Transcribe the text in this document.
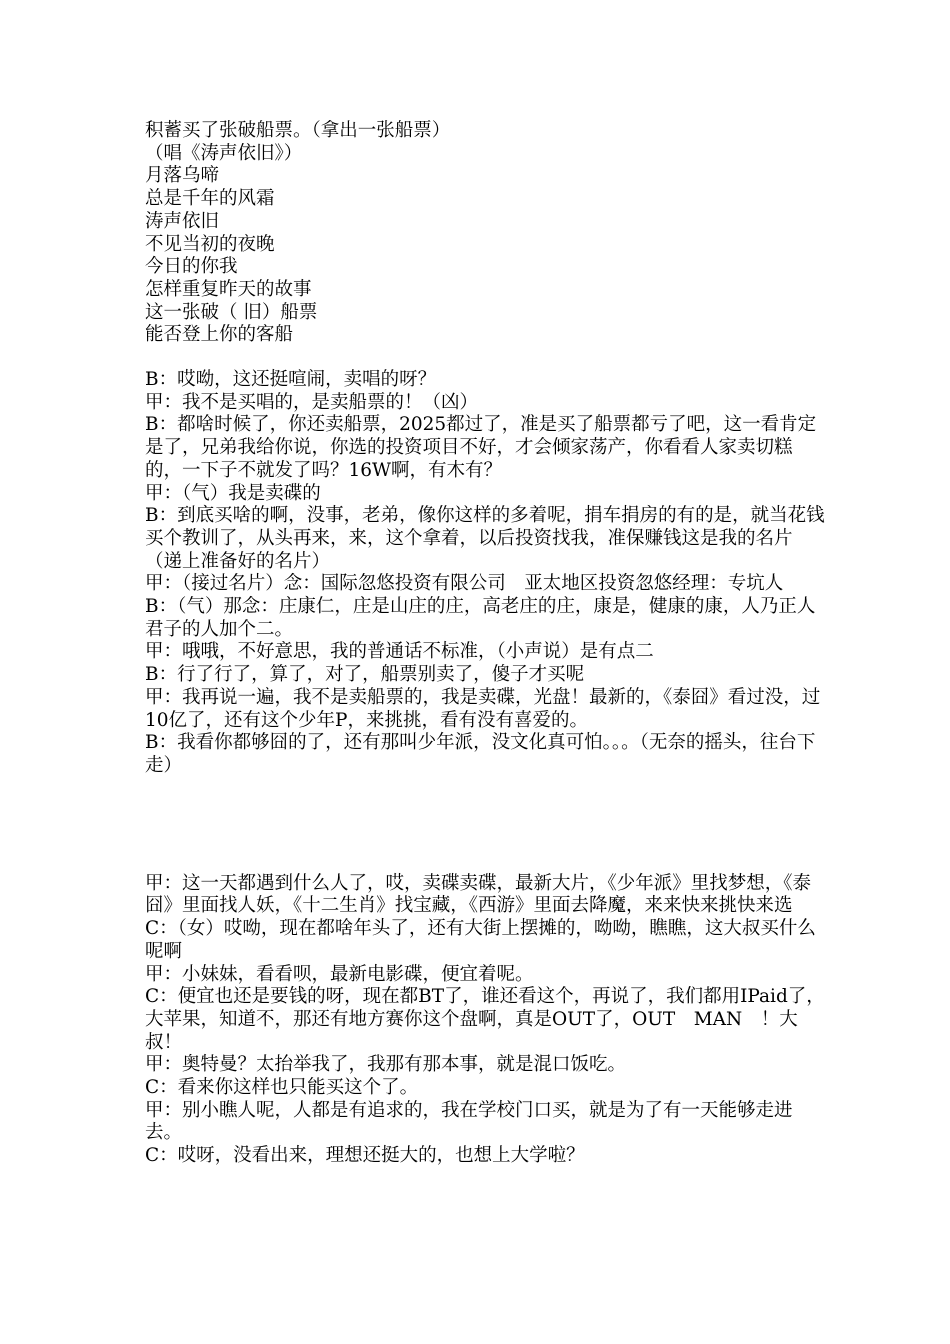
积蓄买了张破船票。（拿出一张船票）

（唱《涛声依旧》）

月落乌啼

总是千年的风霜

涛声依旧

不见当初的夜晚

今日的你我

怎样重复昨天的故事

这一张破（ 旧）船票

能否登上你的客船

B：哎呦，这还挺喧闹，卖唱的呀？

甲：我不是买唱的，是卖船票的！（凶）

B：都啥时候了，你还卖船票，2025都过了，准是买了船票都亏了吧，这一看肯定是了，兄弟我给你说，你选的投资项目不好，才会倾家荡产，你看看人家卖切糕的，一下子不就发了吗？16W啊，有木有？

甲：（气）我是卖碟的

B：到底买啥的啊，没事，老弟，像你这样的多着呢，捐车捐房的有的是，就当花钱买个教训了，从头再来，来，这个拿着，以后投资找我，准保赚钱这是我的名片（递上准备好的名片）

甲：（接过名片）念：国际忽悠投资有限公司　亚太地区投资忽悠经理：专坑人

B：（气）那念：庄康仁，庄是山庄的庄，高老庄的庄，康是，健康的康，人乃正人君子的人加个二。

甲：哦哦，不好意思，我的普通话不标准，（小声说）是有点二

B：行了行了，算了，对了，船票别卖了，傻子才买呢

甲：我再说一遍，我不是卖船票的，我是卖碟，光盘！最新的，《泰囧》看过没，过10亿了，还有这个少年P，来挑挑，看有没有喜爱的。

B：我看你都够囧的了，还有那叫少年派，没文化真可怕。。。（无奈的摇头，往台下走）

甲：这一天都遇到什么人了，哎，卖碟卖碟，最新大片，《少年派》里找梦想，《泰囧》里面找人妖，《十二生肖》找宝藏，《西游》里面去降魔，来来快来挑快来选

C：（女）哎呦，现在都啥年头了，还有大街上摆摊的，呦呦，瞧瞧，这大叔买什么呢啊

甲：小妹妹，看看呗，最新电影碟，便宜着呢。

C：便宜也还是要钱的呀，现在都BT了，谁还看这个，再说了，我们都用IPaid了，大苹果，知道不，那还有地方赛你这个盘啊，真是OUT了，OUT　MAN　！大叔！

甲：奥特曼？太抬举我了，我那有那本事，就是混口饭吃。

C：看来你这样也只能买这个了。

甲：别小瞧人呢，人都是有追求的，我在学校门口买，就是为了有一天能够走进去。

C：哎呀，没看出来，理想还挺大的，也想上大学啦？
